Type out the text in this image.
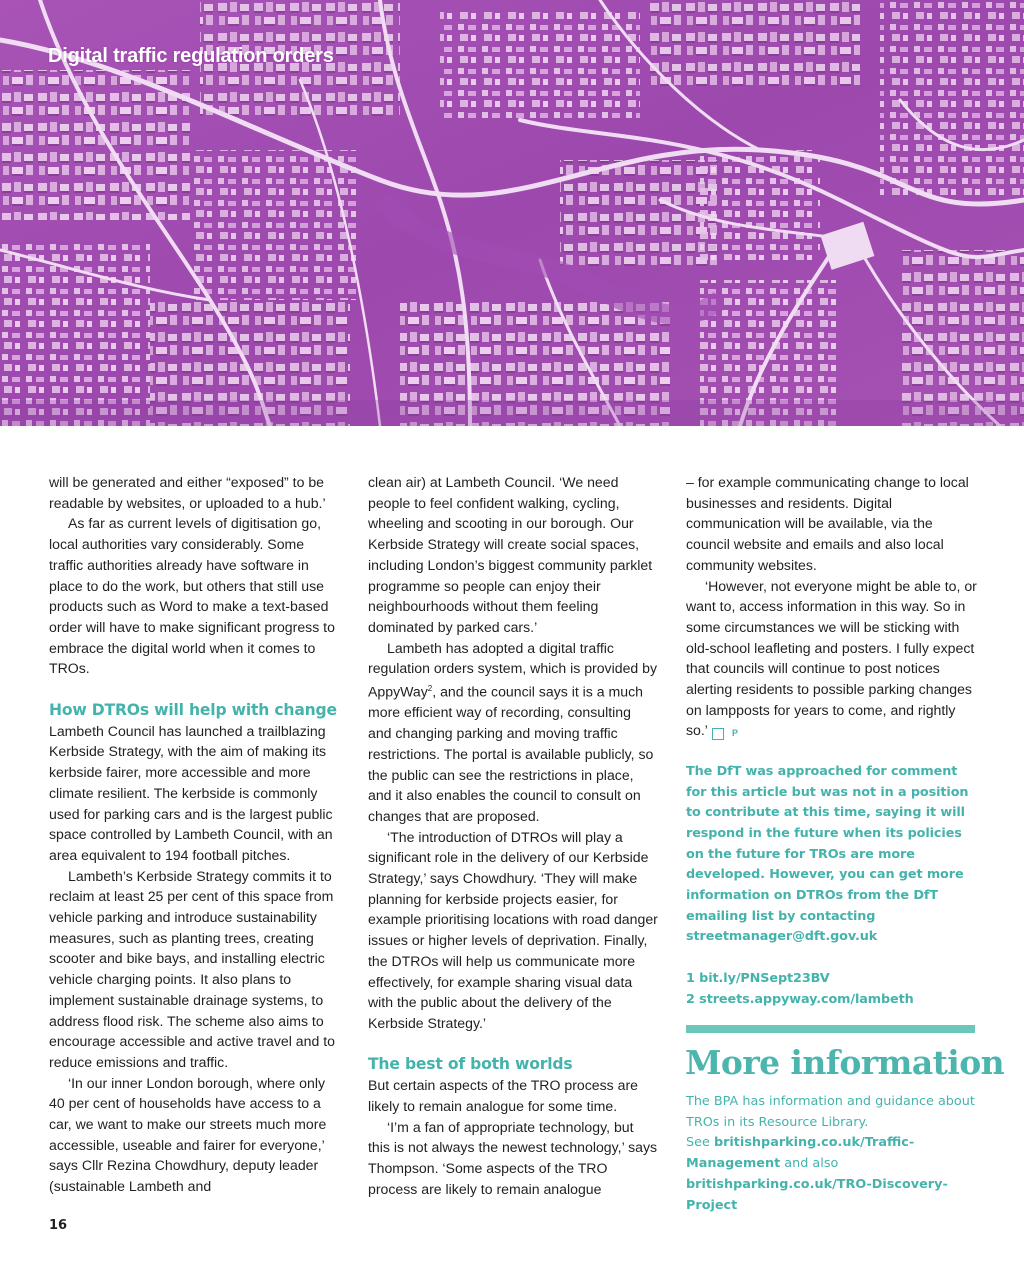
Digital traffic regulation orders

will be generated and either “exposed” to be readable by websites, or uploaded to a hub.’

As far as current levels of digitisation go, local authorities vary considerably. Some traffic authorities already have software in place to do the work, but others that still use products such as Word to make a text-based order will have to make significant progress to embrace the digital world when it comes to TROs.

How DTROs will help with change

Lambeth Council has launched a trailblazing Kerbside Strategy, with the aim of making its kerbside fairer, more accessible and more climate resilient. The kerbside is commonly used for parking cars and is the largest public space controlled by Lambeth Council, with an area equivalent to 194 football pitches.

Lambeth’s Kerbside Strategy commits it to reclaim at least 25 per cent of this space from vehicle parking and introduce sustainability measures, such as planting trees, creating scooter and bike bays, and installing electric vehicle charging points. It also plans to implement sustainable drainage systems, to address flood risk. The scheme also aims to encourage accessible and active travel and to reduce emissions and traffic.

‘In our inner London borough, where only 40 per cent of households have access to a car, we want to make our streets much more accessible, useable and fairer for everyone,’ says Cllr Rezina Chowdhury, deputy leader (sustainable Lambeth and

clean air) at Lambeth Council. ‘We need people to feel confident walking, cycling, wheeling and scooting in our borough. Our Kerbside Strategy will create social spaces, including London’s biggest community parklet programme so people can enjoy their neighbourhoods without them feeling dominated by parked cars.’

Lambeth has adopted a digital traffic regulation orders system, which is provided by AppyWay$^2$, and the council says it is a much more efficient way of recording, consulting and changing parking and moving traffic restrictions. The portal is available publicly, so the public can see the restrictions in place, and it also enables the council to consult on changes that are proposed.

‘The introduction of DTROs will play a significant role in the delivery of our Kerbside Strategy,’ says Chowdhury. ‘They will make planning for kerbside projects easier, for example prioritising locations with road danger issues or higher levels of deprivation. Finally, the DTROs will help us communicate more effectively, for example sharing visual data with the public about the delivery of the Kerbside Strategy.’

The best of both worlds

But certain aspects of the TRO process are likely to remain analogue for some time.

‘I’m a fan of appropriate technology, but this is not always the newest technology,’ says Thompson. ‘Some aspects of the TRO process are likely to remain analogue

– for example communicating change to local businesses and residents. Digital communication will be available, via the council website and emails and also local community websites.

‘However, not everyone might be able to, or want to, access information in this way. So in some circumstances we will be sticking with old-school leafleting and posters. I fully expect that councils will continue to post notices alerting residents to possible parking changes on lampposts for years to come, and rightly so.’	P

The DfT was approached for comment for this article but was not in a position to contribute at this time, saying it will respond in the future when its policies on the future for TROs are more developed. However, you can get more information on DTROs from the DfT emailing list by contacting streetmanager@dft.gov.uk

1 bit.ly/PNSept23BV

2 streets.appyway.com/lambeth

More information
The BPA has information and guidance about TROs in its Resource Library.
See britishparking.co.uk/Traffic-Management and also britishparking.co.uk/TRO-Discovery-Project
16
